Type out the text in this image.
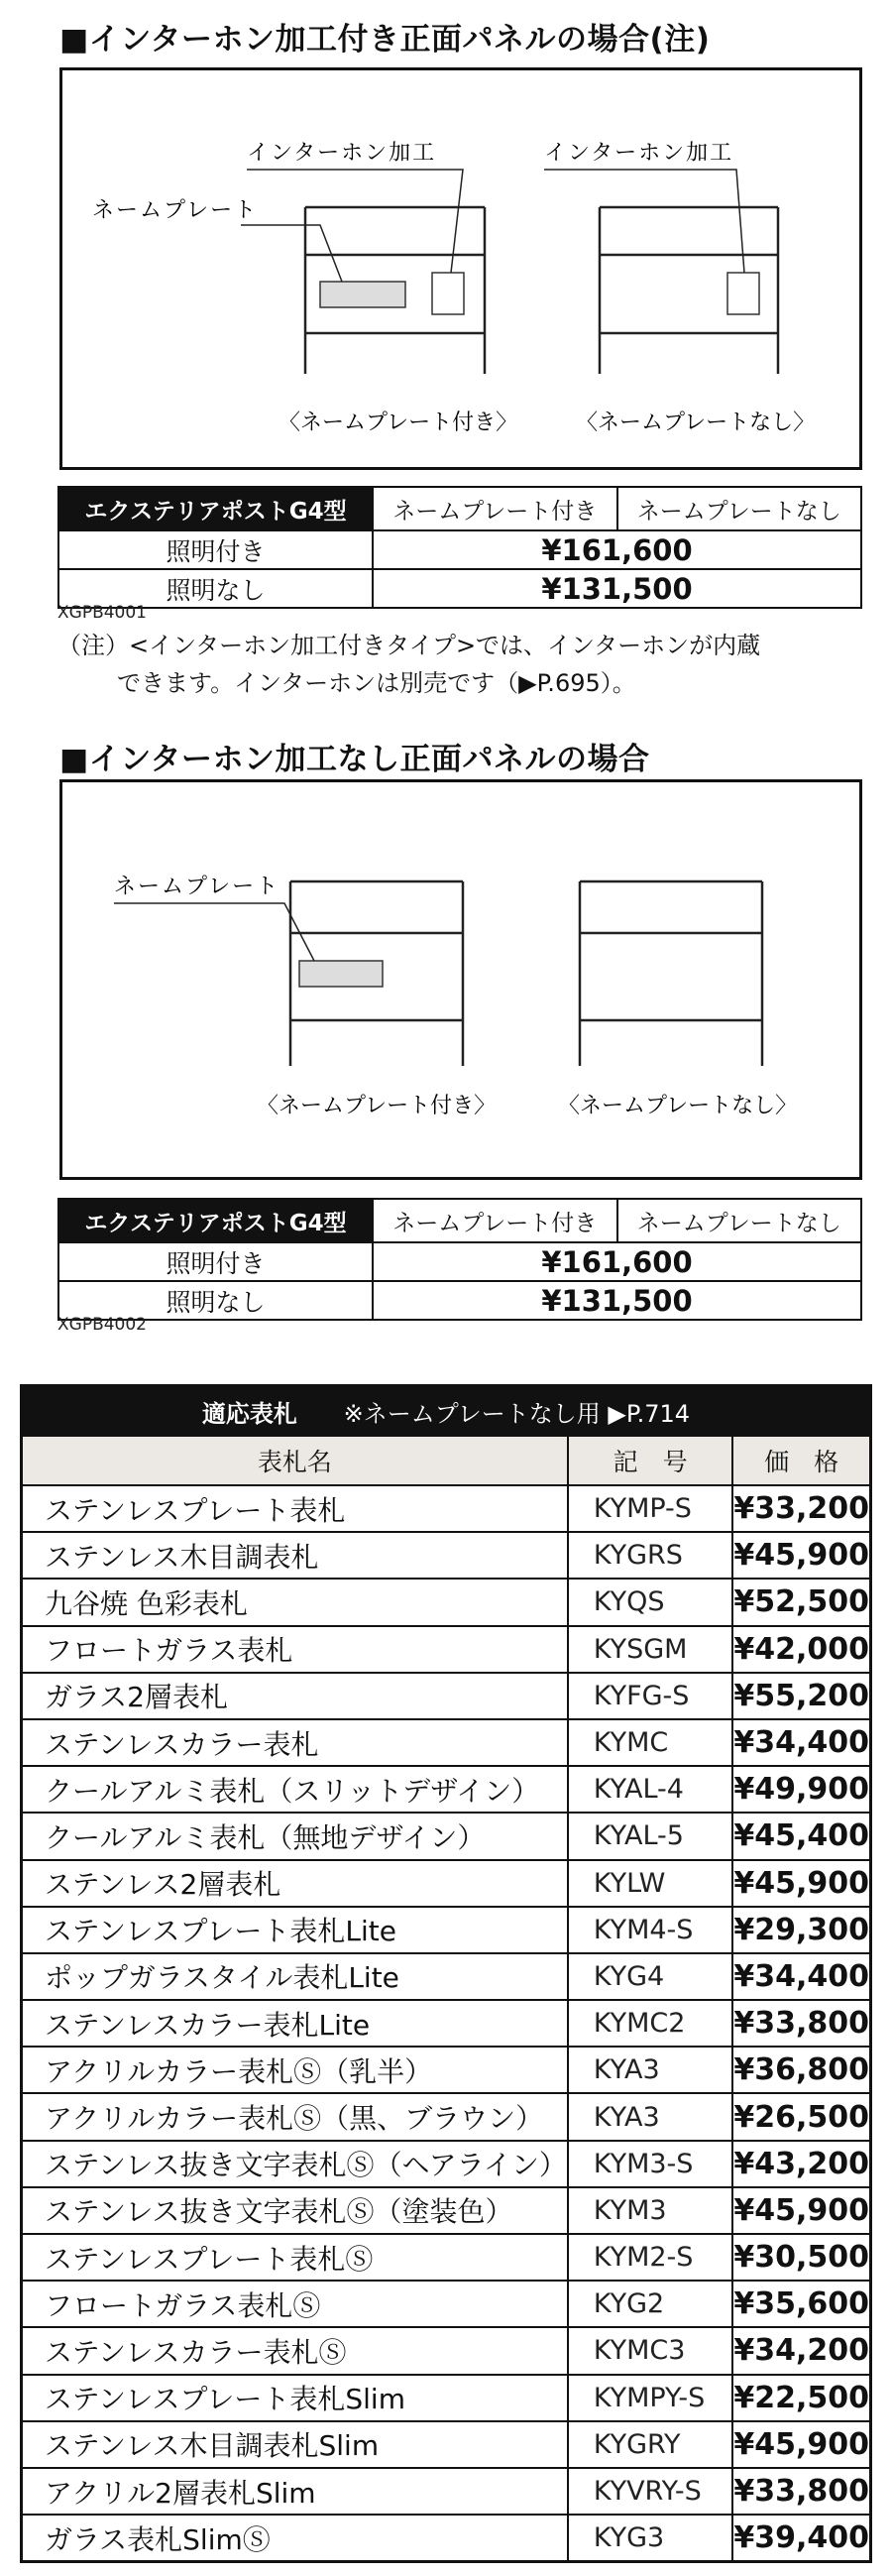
■インターホン加工付き正面パネルの場合(注)
インターホン加工	インターホン加工
ネームプレート
〈ネームプレート付き〉	〈ネームプレートなし〉
エクステリアポストG4型	ネームプレート付き	ネームプレートなし
照明付き	¥161,600	
照明なし	¥131,500	
XGPB4001
（注）<インターホン加工付きタイプ>では、インターホンが内蔵
できます。インターホンは別売です（▶P.695）。
■インターホン加工なし正面パネルの場合
ネームプレート
〈ネームプレート付き〉	〈ネームプレートなし〉
エクステリアポストG4型	ネームプレート付き	ネームプレートなし
照明付き	¥161,600	
照明なし	¥131,500	
XGPB4002
適応表札 ※ネームプレートなし用 ▶P.714		
表札名	記　号	価　格
ステンレスプレート表札	KYMP-S	¥33,200
ステンレス木目調表札	KYGRS	¥45,900
九谷焼 色彩表札	KYQS	¥52,500
フロートガラス表札	KYSGM	¥42,000
ガラス2層表札	KYFG-S	¥55,200
ステンレスカラー表札	KYMC	¥34,400
クールアルミ表札（スリットデザイン）	KYAL-4	¥49,900
クールアルミ表札（無地デザイン）	KYAL-5	¥45,400
ステンレス2層表札	KYLW	¥45,900
ステンレスプレート表札Lite	KYM4-S	¥29,300
ポップガラスタイル表札Lite	KYG4	¥34,400
ステンレスカラー表札Lite	KYMC2	¥33,800
アクリルカラー表札Ⓢ（乳半）	KYA3	¥36,800
アクリルカラー表札Ⓢ（黒、ブラウン）	KYA3	¥26,500
ステンレス抜き文字表札Ⓢ（ヘアライン）	KYM3-S	¥43,200
ステンレス抜き文字表札Ⓢ（塗装色）	KYM3	¥45,900
ステンレスプレート表札Ⓢ	KYM2-S	¥30,500
フロートガラス表札Ⓢ	KYG2	¥35,600
ステンレスカラー表札Ⓢ	KYMC3	¥34,200
ステンレスプレート表札Slim	KYMPY-S	¥22,500
ステンレス木目調表札Slim	KYGRY	¥45,900
アクリル2層表札Slim	KYVRY-S	¥33,800
ガラス表札SlimⓈ	KYG3	¥39,400
